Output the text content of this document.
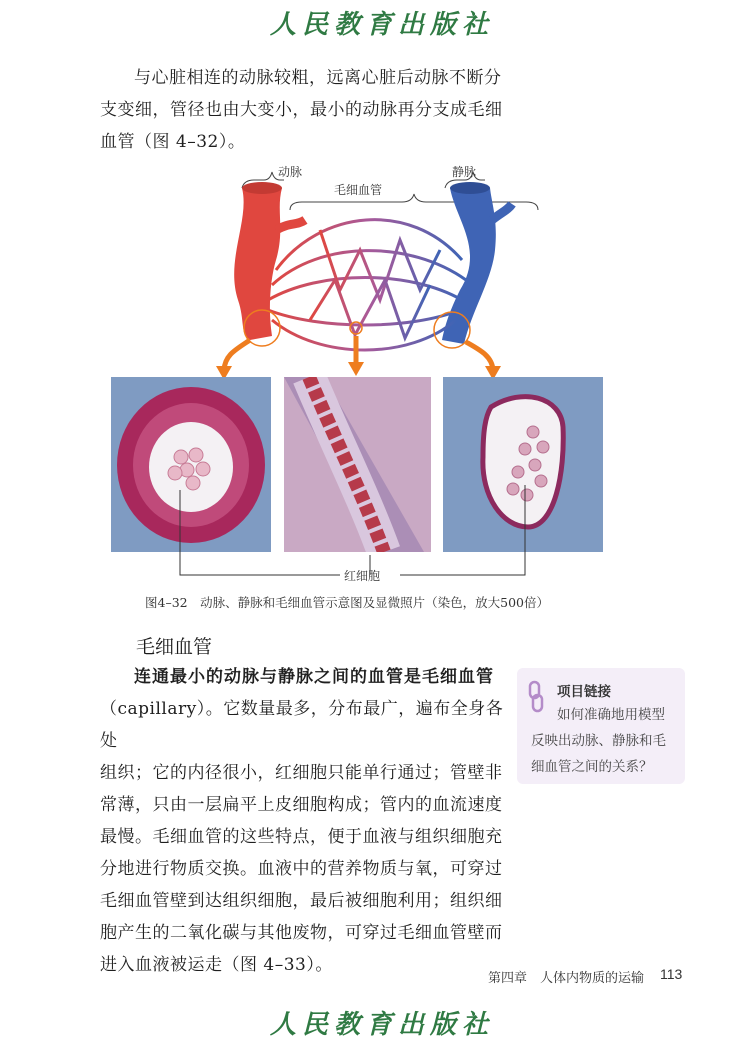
人民教育出版社

与心脏相连的动脉较粗，远离心脏后动脉不断分

支变细，管径也由大变小，最小的动脉再分支成毛细

血管（图 4–32）。

动脉
毛细血管
静脉
红细胞
图4–32　动脉、静脉和毛细血管示意图及显微照片（染色，放大500倍）
毛细血管

连通最小的动脉与静脉之间的血管是毛细血管

（capillary）。它数量最多，分布最广，遍布全身各处

组织；它的内径很小，红细胞只能单行通过；管壁非

常薄，只由一层扁平上皮细胞构成；管内的血流速度

最慢。毛细血管的这些特点，便于血液与组织细胞充

分地进行物质交换。血液中的营养物质与氧，可穿过

毛细血管壁到达组织细胞，最后被细胞利用；组织细

胞产生的二氧化碳与其他废物，可穿过毛细血管壁而

进入血液被运走（图 4–33）。

项目链接
如何准确地用模型
反映出动脉、静脉和毛
细血管之间的关系？
第四章　人体内物质的运输 113
人民教育出版社
